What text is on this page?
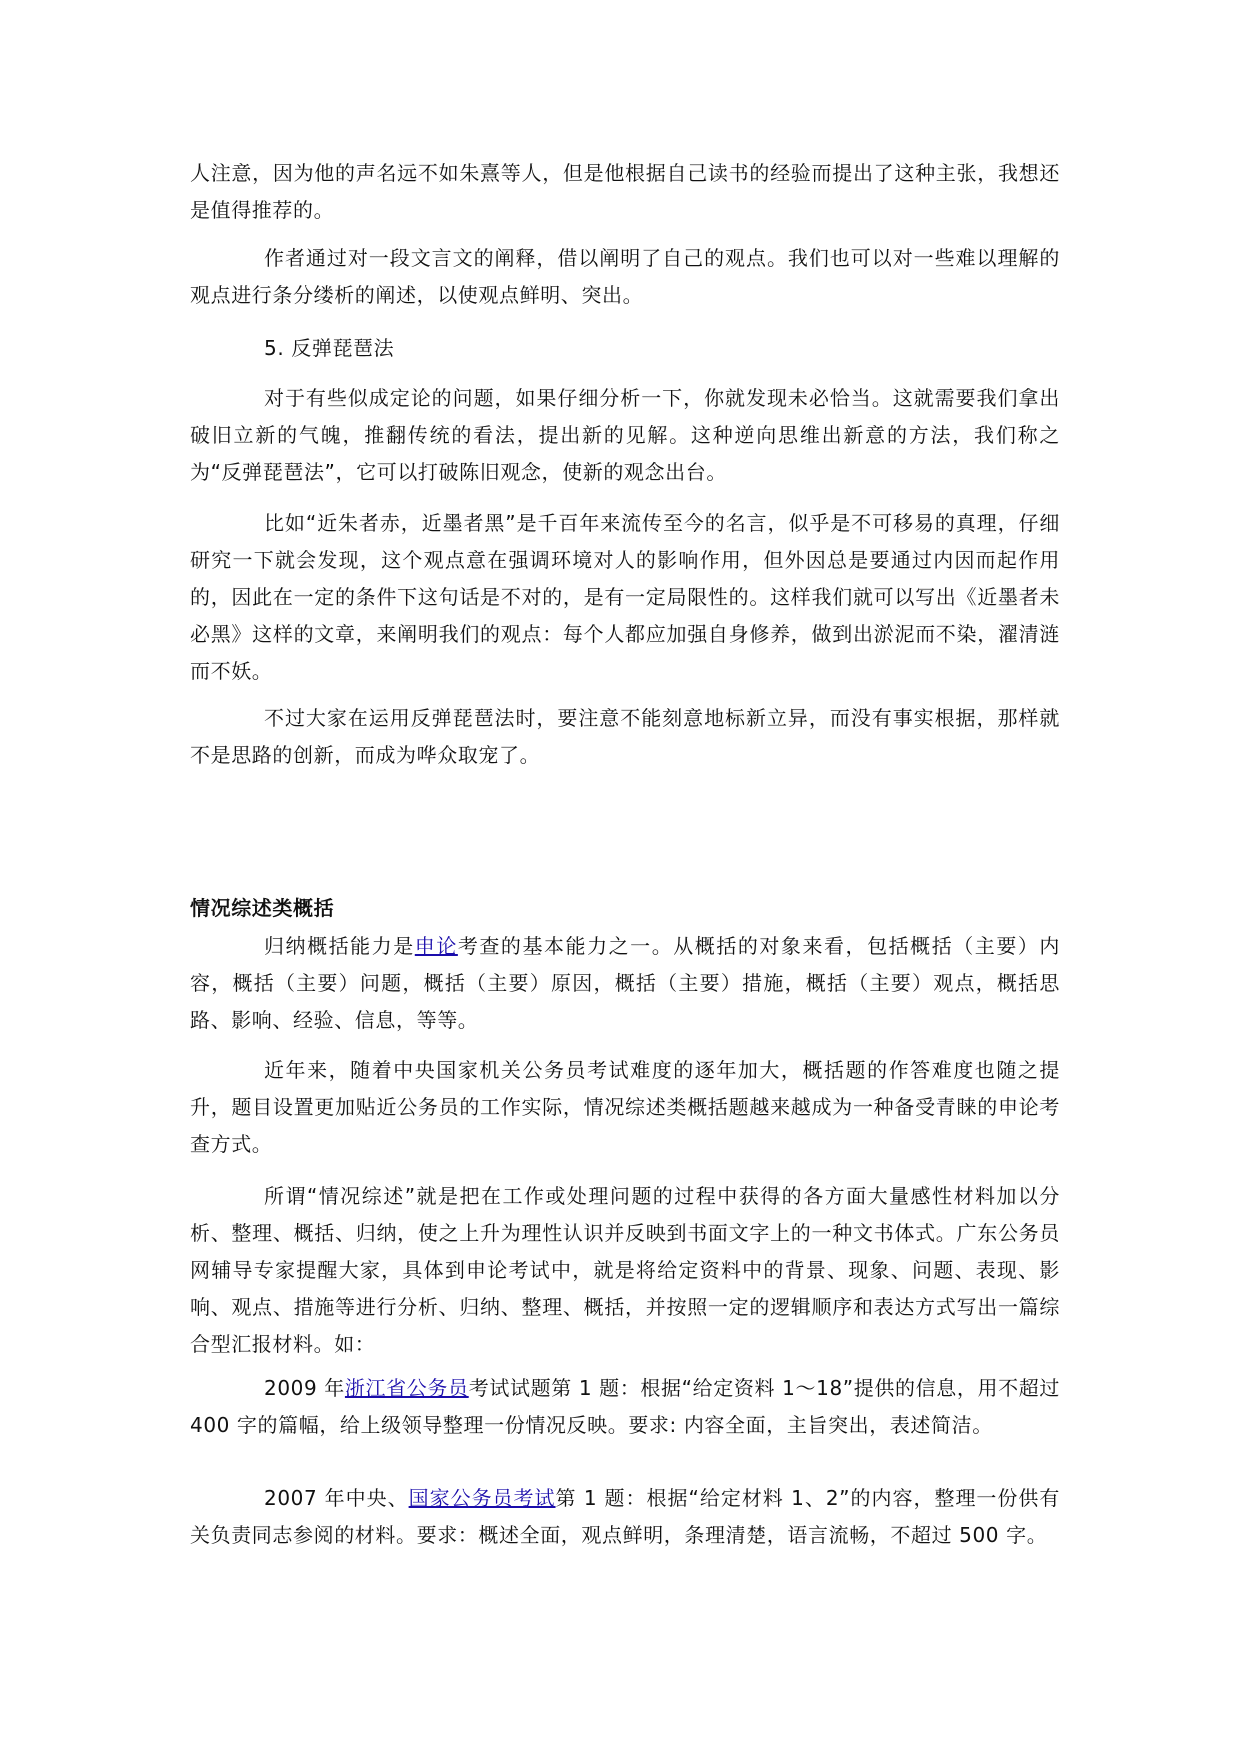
人注意，因为他的声名远不如朱熹等人，但是他根据自己读书的经验而提出了这种主张，我想还是值得推荐的。

作者通过对一段文言文的阐释，借以阐明了自己的观点。我们也可以对一些难以理解的观点进行条分缕析的阐述，以使观点鲜明、突出。

5. 反弹琵琶法

对于有些似成定论的问题，如果仔细分析一下，你就发现未必恰当。这就需要我们拿出破旧立新的气魄，推翻传统的看法，提出新的见解。这种逆向思维出新意的方法，我们称之为“反弹琵琶法”，它可以打破陈旧观念，使新的观念出台。

比如“近朱者赤，近墨者黑”是千百年来流传至今的名言，似乎是不可移易的真理，仔细研究一下就会发现，这个观点意在强调环境对人的影响作用，但外因总是要通过内因而起作用的，因此在一定的条件下这句话是不对的，是有一定局限性的。这样我们就可以写出《近墨者未必黑》这样的文章，来阐明我们的观点：每个人都应加强自身修养，做到出淤泥而不染，濯清涟而不妖。

不过大家在运用反弹琵琶法时，要注意不能刻意地标新立异，而没有事实根据，那样就不是思路的创新，而成为哗众取宠了。

情况综述类概括

归纳概括能力是申论考查的基本能力之一。从概括的对象来看，包括概括（主要）内容，概括（主要）问题，概括（主要）原因，概括（主要）措施，概括（主要）观点，概括思路、影响、经验、信息，等等。

近年来，随着中央国家机关公务员考试难度的逐年加大，概括题的作答难度也随之提升，题目设置更加贴近公务员的工作实际，情况综述类概括题越来越成为一种备受青睐的申论考查方式。

所谓“情况综述”就是把在工作或处理问题的过程中获得的各方面大量感性材料加以分析、整理、概括、归纳，使之上升为理性认识并反映到书面文字上的一种文书体式。广东公务员网辅导专家提醒大家，具体到申论考试中，就是将给定资料中的背景、现象、问题、表现、影响、观点、措施等进行分析、归纳、整理、概括，并按照一定的逻辑顺序和表达方式写出一篇综合型汇报材料。如：

2009 年浙江省公务员考试试题第 1 题：根据“给定资料 1～18”提供的信息，用不超过 400 字的篇幅，给上级领导整理一份情况反映。要求: 内容全面，主旨突出，表述简洁。

2007 年中央、国家公务员考试第 1 题：根据“给定材料 1、2”的内容，整理一份供有关负责同志参阅的材料。要求：概述全面，观点鲜明，条理清楚，语言流畅，不超过 500 字。
